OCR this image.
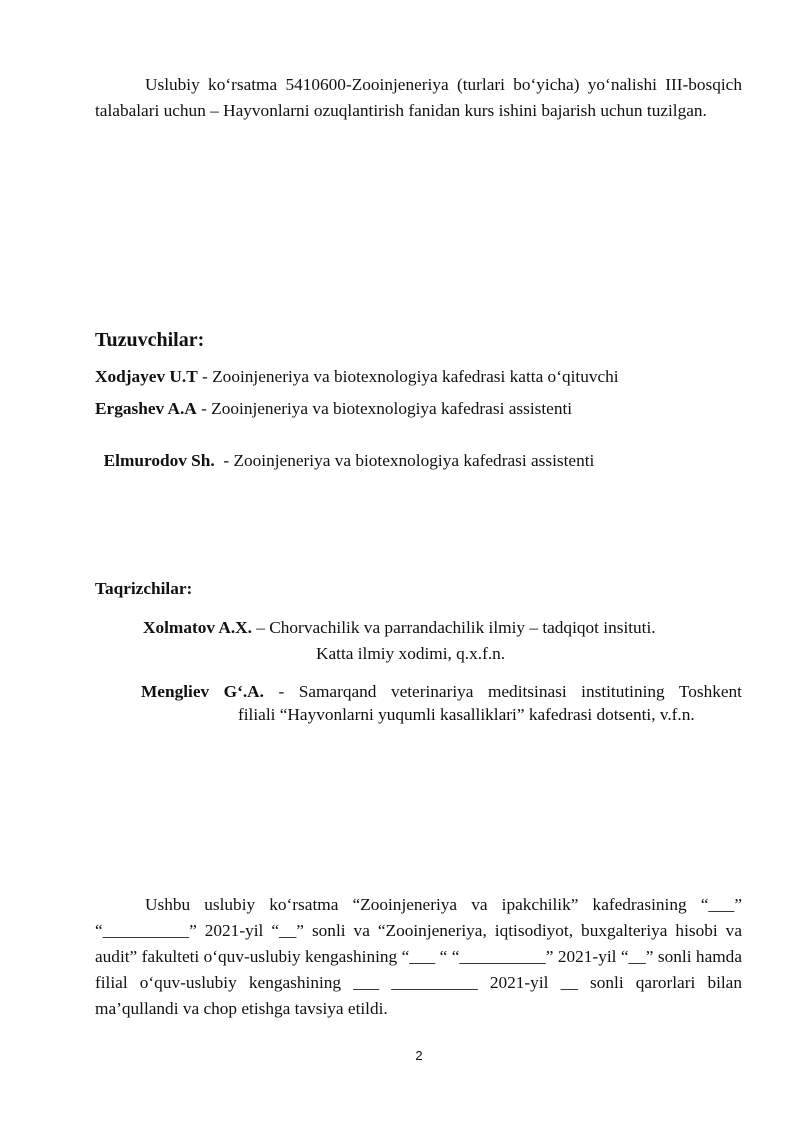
Uslubiy ko‘rsatma 5410600-Zooinjeneriya (turlari bo‘yicha) yo‘nalishi III-bosqich talabalari uchun – Hayvonlarni ozuqlantirish fanidan kurs ishini bajarish uchun tuzilgan.
Tuzuvchilar:
Xodjayev U.T - Zooinjeneriya va biotexnologiya kafedrasi katta o‘qituvchi
Ergashev A.A - Zooinjeneriya va biotexnologiya kafedrasi assistenti

Elmurodov Sh.  - Zooinjeneriya va biotexnologiya kafedrasi assistenti

Taqrizchilar:
Xolmatov A.X. – Chorvachilik va parrandachilik ilmiy – tadqiqot insituti.
Katta ilmiy xodimi, q.x.f.n.
Mengliev G‘.A. - Samarqand veterinariya meditsinasi institutining Toshkent
filiali “Hayvonlarni yuqumli kasalliklari” kafedrasi dotsenti, v.f.n.
Ushbu uslubiy ko‘rsatma “Zooinjeneriya va ipakchilik” kafedrasining “___” “__________” 2021-yil “__” sonli va “Zooinjeneriya, iqtisodiyot, buxgalteriya hisobi va audit” fakulteti o‘quv-uslubiy kengashining “___ “ “__________” 2021-yil “__” sonli hamda filial o‘quv-uslubiy kengashining ___ __________ 2021-yil __ sonli qarorlari bilan ma’qullandi va chop etishga tavsiya etildi.
2
